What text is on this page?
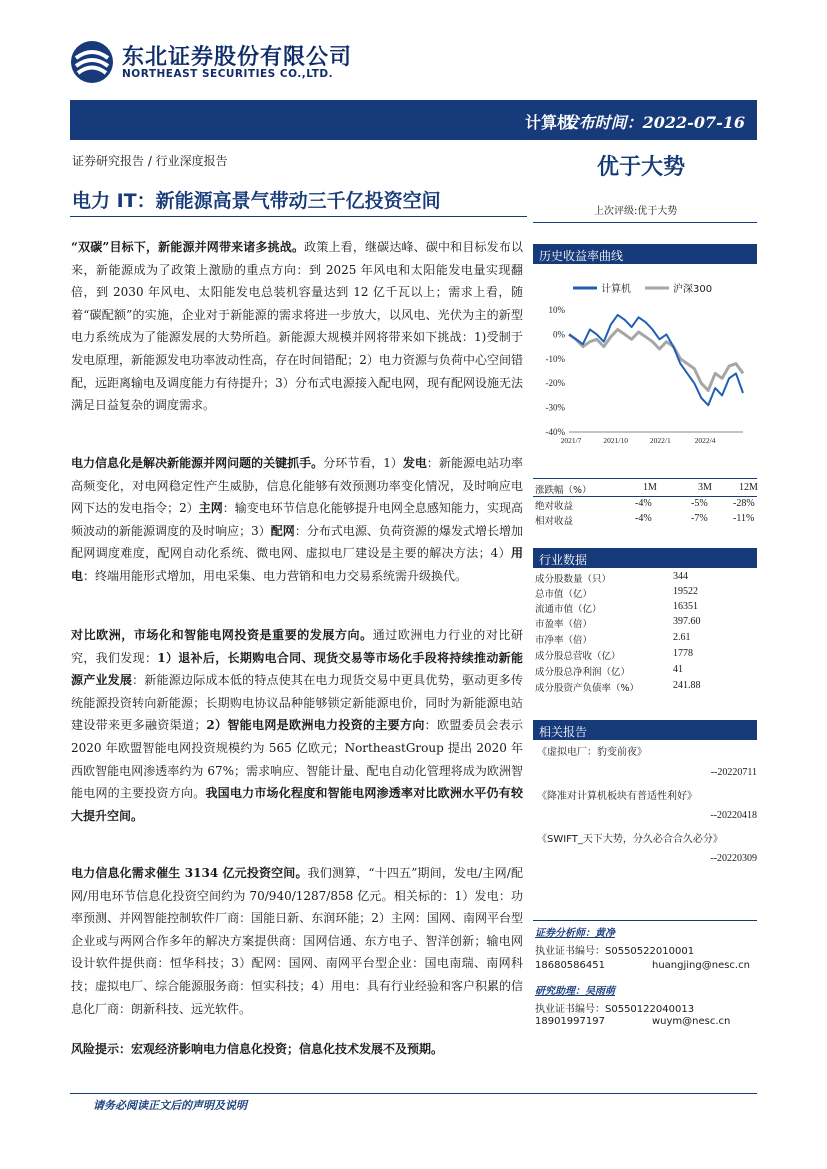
东北证券股份有限公司
NORTHEAST SECURITIES CO.,LTD.
计算机
发布时间：2022-07-16
证券研究报告 / 行业深度报告
电力 IT：新能源高景气带动三千亿投资空间
优于大势
上次评级:优于大势
“双碳”目标下，新能源并网带来诸多挑战。政策上看，继碳达峰、碳中和目标发布以来，新能源成为了政策上激励的重点方向：到 2025 年风电和太阳能发电量实现翻倍，到 2030 年风电、太阳能发电总装机容量达到 12 亿千瓦以上；需求上看，随着“碳配额”的实施，企业对于新能源的需求将进一步放大，以风电、光伏为主的新型电力系统成为了能源发展的大势所趋。新能源大规模并网将带来如下挑战：1)受制于发电原理，新能源发电功率波动性高，存在时间错配；2）电力资源与负荷中心空间错配，远距离输电及调度能力有待提升；3）分布式电源接入配电网，现有配网设施无法满足日益复杂的调度需求。
电力信息化是解决新能源并网问题的关键抓手。分环节看，1）发电：新能源电站功率高频变化，对电网稳定性产生威胁，信息化能够有效预测功率变化情况，及时响应电网下达的发电指令；2）主网：输变电环节信息化能够提升电网全息感知能力，实现高频波动的新能源调度的及时响应；3）配网：分布式电源、负荷资源的爆发式增长增加配网调度难度，配网自动化系统、微电网、虚拟电厂建设是主要的解决方法；4）用电：终端用能形式增加，用电采集、电力营销和电力交易系统需升级换代。
对比欧洲，市场化和智能电网投资是重要的发展方向。通过欧洲电力行业的对比研究，我们发现：1）退补后，长期购电合同、现货交易等市场化手段将持续推动新能源产业发展：新能源边际成本低的特点使其在电力现货交易中更具优势，驱动更多传统能源投资转向新能源；长期购电协议品种能够锁定新能源电价，同时为新能源电站建设带来更多融资渠道；2）智能电网是欧洲电力投资的主要方向：欧盟委员会表示 2020 年欧盟智能电网投资规模约为 565 亿欧元；NortheastGroup 提出 2020 年西欧智能电网渗透率约为 67%；需求响应、智能计量、配电自动化管理将成为欧洲智能电网的主要投资方向。我国电力市场化程度和智能电网渗透率对比欧洲水平仍有较大提升空间。
电力信息化需求催生 3134 亿元投资空间。我们测算，“十四五”期间，发电/主网/配网/用电环节信息化投资空间约为 70/940/1287/858 亿元。相关标的：1）发电：功率预测、并网智能控制软件厂商：国能日新、东润环能；2）主网：国网、南网平台型企业或与两网合作多年的解决方案提供商：国网信通、东方电子、智洋创新；输电网设计软件提供商：恒华科技；3）配网：国网、南网平台型企业：国电南瑞、南网科技；虚拟电厂、综合能源服务商：恒实科技；4）用电：具有行业经验和客户积累的信息化厂商：朗新科技、远光软件。
风险提示：宏观经济影响电力信息化投资；信息化技术发展不及预期。
历史收益率曲线
计算机	沪深300
10%
0%
-10%
-20%
-30%
-40%
2021/7	2021/10	2022/1	2022/4
涨跌幅（%）	1M	3M	12M
绝对收益	-4%	-5%	-28%
相对收益	-4%	-7%	-11%
行业数据
成分股数量（只）	344
总市值（亿）	19522
流通市值（亿）	16351
市盈率（倍）	397.60
市净率（倍）	2.61
成分股总营收（亿）	1778
成分股总净利润（亿）	41
成分股资产负债率（%）	241.88
相关报告
《虚拟电厂：豹变前夜》
--20220711
《降准对计算机板块有普适性利好》
--20220418
《SWIFT_天下大势，分久必合合久必分》
--20220309
证券分析师：黄净
执业证书编号：S0550522010001
18680586451	huangjing@nesc.cn
研究助理：吴雨萌
执业证书编号：S0550122040013
18901997197	wuym@nesc.cn
请务必阅读正文后的声明及说明
